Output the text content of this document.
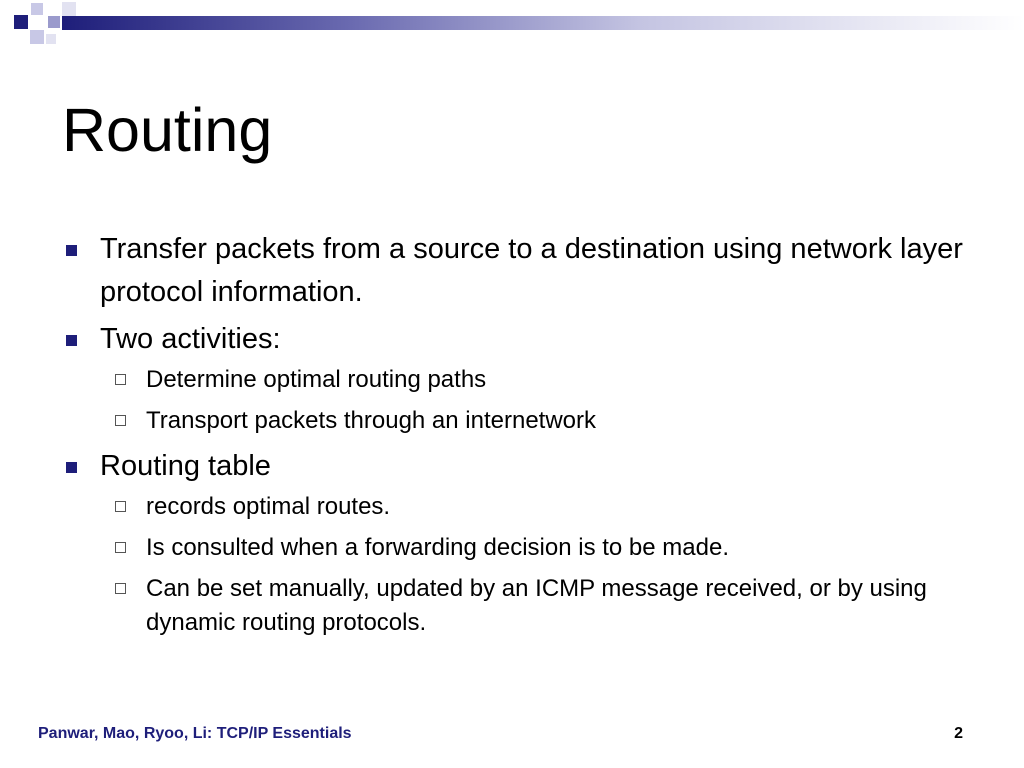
Routing
Transfer packets from a source to a destination using network layer protocol information.
Two activities:
Determine optimal routing paths
Transport packets through an internetwork
Routing table
records optimal routes.
Is consulted when a forwarding decision is to be made.
Can be set manually, updated by an ICMP message received, or by using dynamic routing protocols.
Panwar, Mao, Ryoo, Li: TCP/IP Essentials	2
